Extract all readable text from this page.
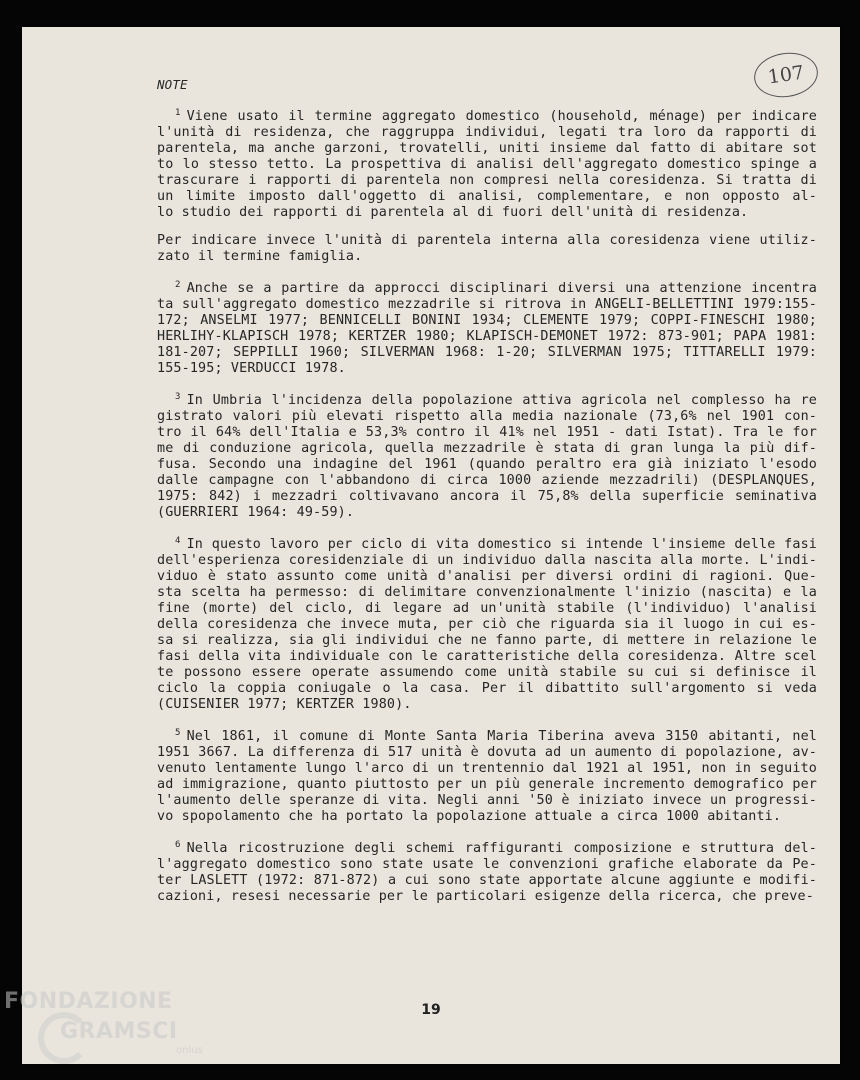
107
NOTE
$^1$ Viene usato il termine aggregato domestico (household, ménage) per indicare
l'unità di residenza, che raggruppa individui, legati tra loro da rapporti di
parentela, ma anche garzoni, trovatelli, uniti insieme dal fatto di abitare sot
to lo stesso tetto. La prospettiva di analisi dell'aggregato domestico spinge a
trascurare i rapporti di parentela non compresi nella coresidenza. Si tratta di
un limite imposto dall'oggetto di analisi, complementare, e non opposto al-
lo studio dei rapporti di parentela al di fuori dell'unità di residenza.
Per indicare invece l'unità di parentela interna alla coresidenza viene utiliz-
zato il termine famiglia.
$^2$ Anche se a partire da approcci disciplinari diversi una attenzione incentra
ta sull'aggregato domestico mezzadrile si ritrova in ANGELI-BELLETTINI 1979:155-
172; ANSELMI 1977; BENNICELLI BONINI 1934; CLEMENTE 1979; COPPI-FINESCHI 1980;
HERLIHY-KLAPISCH 1978; KERTZER 1980; KLAPISCH-DEMONET 1972: 873-901; PAPA 1981:
181-207; SEPPILLI 1960; SILVERMAN 1968: 1-20; SILVERMAN 1975; TITTARELLI 1979:
155-195; VERDUCCI 1978.
$^3$ In Umbria l'incidenza della popolazione attiva agricola nel complesso ha re
gistrato valori più elevati rispetto alla media nazionale (73,6% nel 1901 con-
tro il 64% dell'Italia e 53,3% contro il 41% nel 1951 - dati Istat). Tra le for
me di conduzione agricola, quella mezzadrile è stata di gran lunga la più dif-
fusa. Secondo una indagine del 1961 (quando peraltro era già iniziato l'esodo
dalle campagne con l'abbandono di circa 1000 aziende mezzadrili) (DESPLANQUES,
1975: 842) i mezzadri coltivavano ancora il 75,8% della superficie seminativa
(GUERRIERI 1964: 49-59).
$^4$ In questo lavoro per ciclo di vita domestico si intende l'insieme delle fasi
dell'esperienza coresidenziale di un individuo dalla nascita alla morte. L'indi-
viduo è stato assunto come unità d'analisi per diversi ordini di ragioni. Que-
sta scelta ha permesso: di delimitare convenzionalmente l'inizio (nascita) e la
fine (morte) del ciclo, di legare ad un'unità stabile (l'individuo) l'analisi
della coresidenza che invece muta, per ciò che riguarda sia il luogo in cui es-
sa si realizza, sia gli individui che ne fanno parte, di mettere in relazione le
fasi della vita individuale con le caratteristiche della coresidenza. Altre scel
te possono essere operate assumendo come unità stabile su cui si definisce il
ciclo la coppia coniugale o la casa. Per il dibattito sull'argomento si veda
(CUISENIER 1977; KERTZER 1980).
$^5$ Nel 1861, il comune di Monte Santa Maria Tiberina aveva 3150 abitanti, nel
1951 3667. La differenza di 517 unità è dovuta ad un aumento di popolazione, av-
venuto lentamente lungo l'arco di un trentennio dal 1921 al 1951, non in seguito
ad immigrazione, quanto piuttosto per un più generale incremento demografico per
l'aumento delle speranze di vita. Negli anni '50 è iniziato invece un progressi-
vo spopolamento che ha portato la popolazione attuale a circa 1000 abitanti.
$^6$ Nella ricostruzione degli schemi raffiguranti composizione e struttura del-
l'aggregato domestico sono state usate le convenzioni grafiche elaborate da Pe-
ter LASLETT (1972: 871-872) a cui sono state apportate alcune aggiunte e modifi-
cazioni, resesi necessarie per le particolari esigenze della ricerca, che preve-
19
FONDAZIONE
GRAMSCI
onlus
